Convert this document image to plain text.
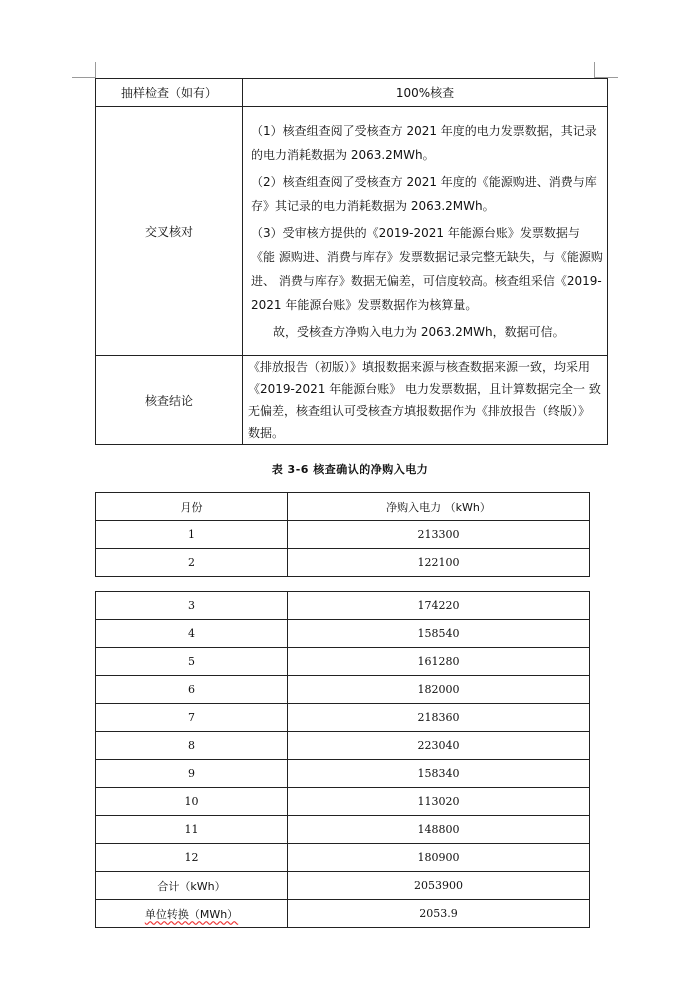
抽样检查（如有）	100%核查
交叉核对	（1）核查组查阅了受核查方 2021 年度的电力发票数据，其记录 的电力消耗数据为 2063.2MWh。

（2）核查组查阅了受核查方 2021 年度的《能源购进、消费与库 存》其记录的电力消耗数据为 2063.2MWh。

（3）受审核方提供的《2019-2021 年能源台账》发票数据与《能 源购进、消费与库存》发票数据记录完整无缺失，与《能源购进、 消费与库存》数据无偏差，可信度较高。核查组采信《2019-2021 年能源台账》发票数据作为核算量。

故，受核查方净购入电力为 2063.2MWh，数据可信。

核查结论	《排放报告（初版）》填报数据来源与核查数据来源一致，均采用《2019-2021 年能源台账》 电力发票数据，且计算数据完全一 致无偏差，核查组认可受核查方填报数据作为《排放报告（终版）》 数据。

表 3-6 核查确认的净购入电力
月份	净购入电力 （kWh）
1	213300
2	122100
3	174220
4	158540
5	161280
6	182000
7	218360
8	223040
9	158340
10	113020
11	148800
12	180900
合计（kWh）	2053900
单位转换（MWh）	2053.9
